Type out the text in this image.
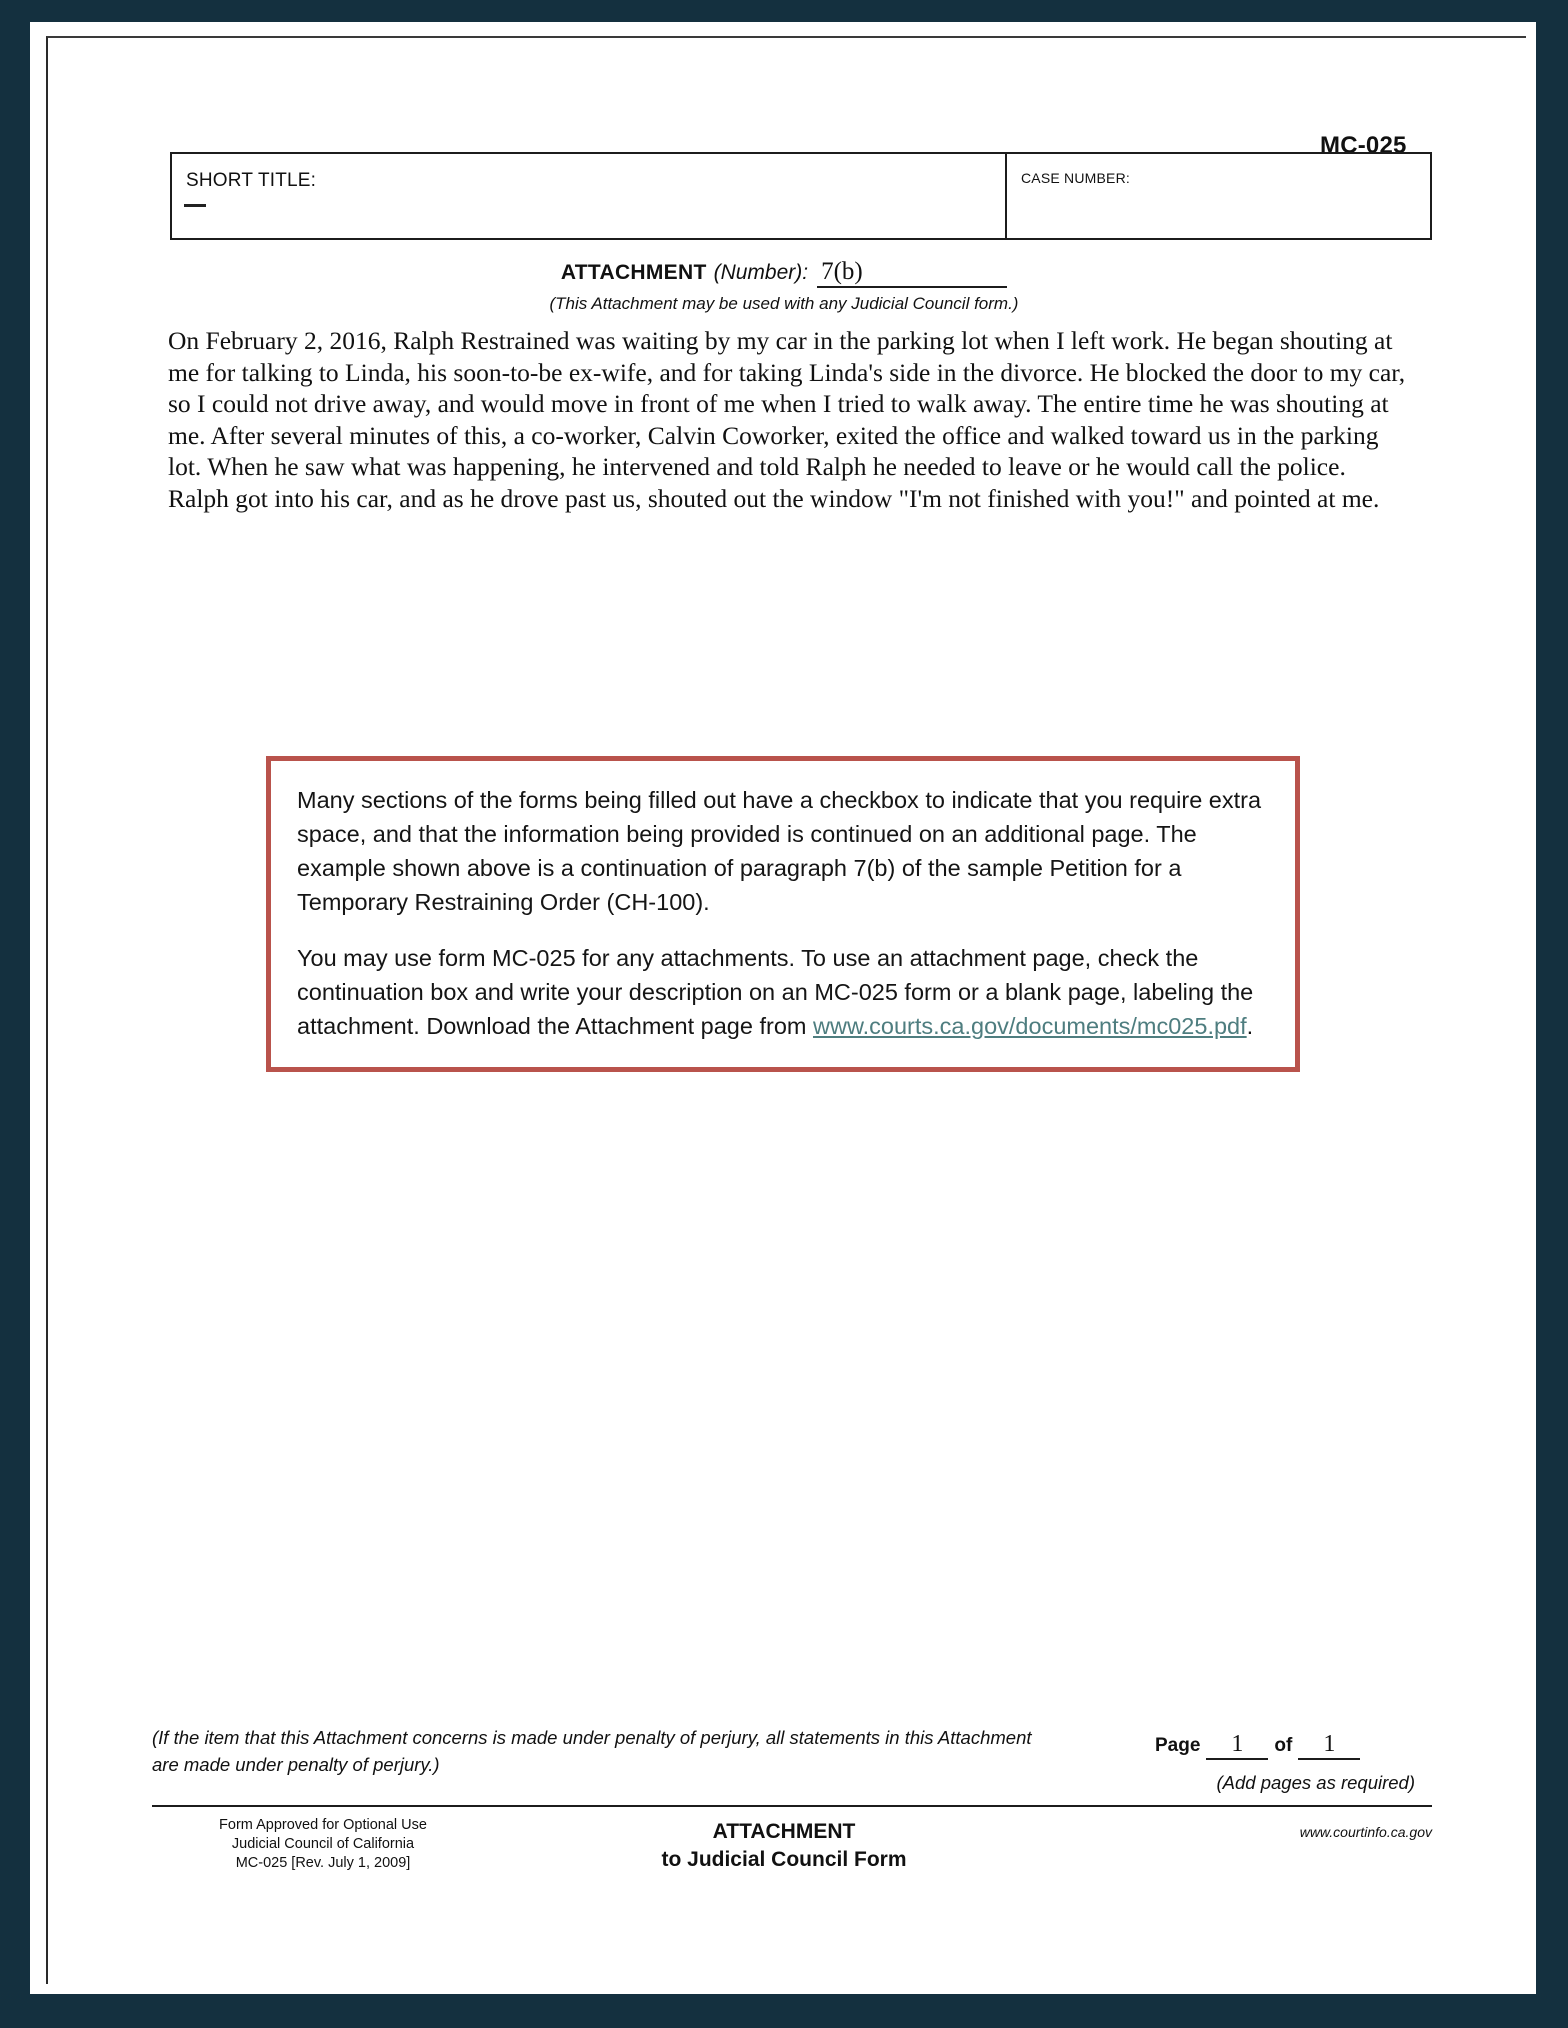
MC-025
SHORT TITLE:	CASE NUMBER:
ATTACHMENT (Number): 7(b)
(This Attachment may be used with any Judicial Council form.)
On February 2, 2016, Ralph Restrained was waiting by my car in the parking lot when I left work. He began shouting at me for talking to Linda, his soon-to-be ex-wife, and for taking Linda's side in the divorce. He blocked the door to my car, so I could not drive away, and would move in front of me when I tried to walk away. The entire time he was shouting at me. After several minutes of this, a co-worker, Calvin Coworker, exited the office and walked toward us in the parking lot. When he saw what was happening, he intervened and told Ralph he needed to leave or he would call the police. Ralph got into his car, and as he drove past us, shouted out the window "I'm not finished with you!" and pointed at me.

Many sections of the forms being filled out have a checkbox to indicate that you require extra space, and that the information being provided is continued on an additional page. The example shown above is a continuation of paragraph 7(b) of the sample Petition for a Temporary Restraining Order (CH-100).

You may use form MC-025 for any attachments. To use an attachment page, check the continuation box and write your description on an MC-025 form or a blank page, labeling the attachment. Download the Attachment page from www.courts.ca.gov/documents/mc025.pdf.

(If the item that this Attachment concerns is made under penalty of perjury, all statements in this Attachment are made under penalty of perjury.)
Page 1 of 1
(Add pages as required)
Form Approved for Optional Use
Judicial Council of California
MC-025 [Rev. July 1, 2009]
ATTACHMENT
to Judicial Council Form
www.courtinfo.ca.gov
